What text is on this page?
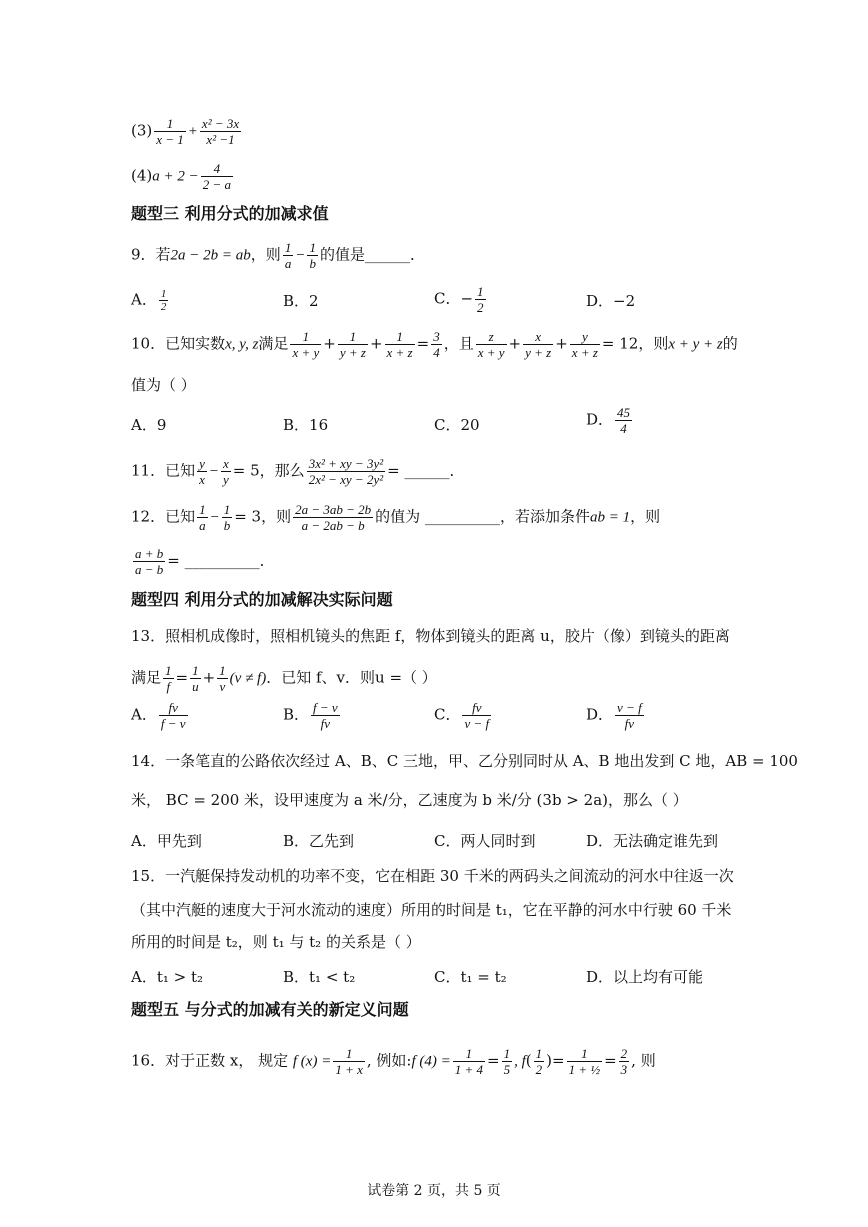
$(3) \frac{1}{x - 1} + \frac{\text{x² − 3x}}{\text{x² −1}}$
$(4)a + 2 - \frac{4}{2 - a}$
题型三 利用分式的加减求值
9．若2a − 2b = ab，则 $\frac{1}{a} - \frac{1}{b}$ 的值是______．
A． $\frac{1}{2}$	B．2	C．− $\frac{1}{2}$	D．−2
10．已知实数x, y, z满足 $\frac{1}{x + y} + \frac{1}{y + z} + \frac{1}{x + z} = \frac{3}{4}$ ，且 $\frac{z}{x + y} + \frac{x}{y + z} + \frac{y}{x + z} = 12$，则x + y + z的
值为（ ）
A．9	B．16	C．20	D． $\frac{45}{4}$
11．已知 $\frac{y}{x} - \frac{x}{y} = 5$，那么 $\frac{\text{3x² + xy − 3y²}}{\text{2x² − xy − 2y²}}$ = ______．
12．已知 $\frac{1}{a} - \frac{1}{b} = 3$，则 $\frac{2a - 3ab - 2b}{a - 2ab - b}$ 的值为 __________，若添加条件ab = 1，则
$\frac{a + b}{a - b}$ = __________．
题型四 利用分式的加减解决实际问题
13．照相机成像时，照相机镜头的焦距 f，物体到镜头的距离 u，胶片（像）到镜头的距离
满足 $\frac{1}{f} = \frac{1}{u} + \frac{1}{v} (v \ne f)$．已知 f、v．则u =（ ）
A． $\frac{fv}{f - v}$	B． $\frac{f - v}{fv}$	C． $\frac{fv}{v - f}$	D． $\frac{v - f}{fv}$
14．一条笔直的公路依次经过 A、B、C 三地，甲、乙分别同时从 A、B 地出发到 C 地，AB = 100
米， BC = 200 米，设甲速度为 a 米/分，乙速度为 b 米/分 (3b > 2a)，那么（ ）
A．甲先到	B．乙先到	C．两人同时到	D．无法确定谁先到
15．一汽艇保持发动机的功率不变，它在相距 30 千米的两码头之间流动的河水中往返一次
（其中汽艇的速度大于河水流动的速度）所用的时间是 t₁，它在平静的河水中行驶 60 千米
所用的时间是 t₂，则 t₁ 与 t₂ 的关系是（ ）
A．t₁ > t₂	B．t₁ < t₂	C．t₁ = t₂	D．以上均有可能
题型五 与分式的加减有关的新定义问题
16．对于正数 x， 规定 f $(x) = \frac{1}{1 + x}$ , 例如:f $(4) = \frac{1}{1 + 4} = \frac{1}{5}$ , $f( \frac{1}{2}$ )= $\frac{1}{\text{1 + ½}} = \frac{2}{3}$ , 则
试卷第 2 页，共 5 页
